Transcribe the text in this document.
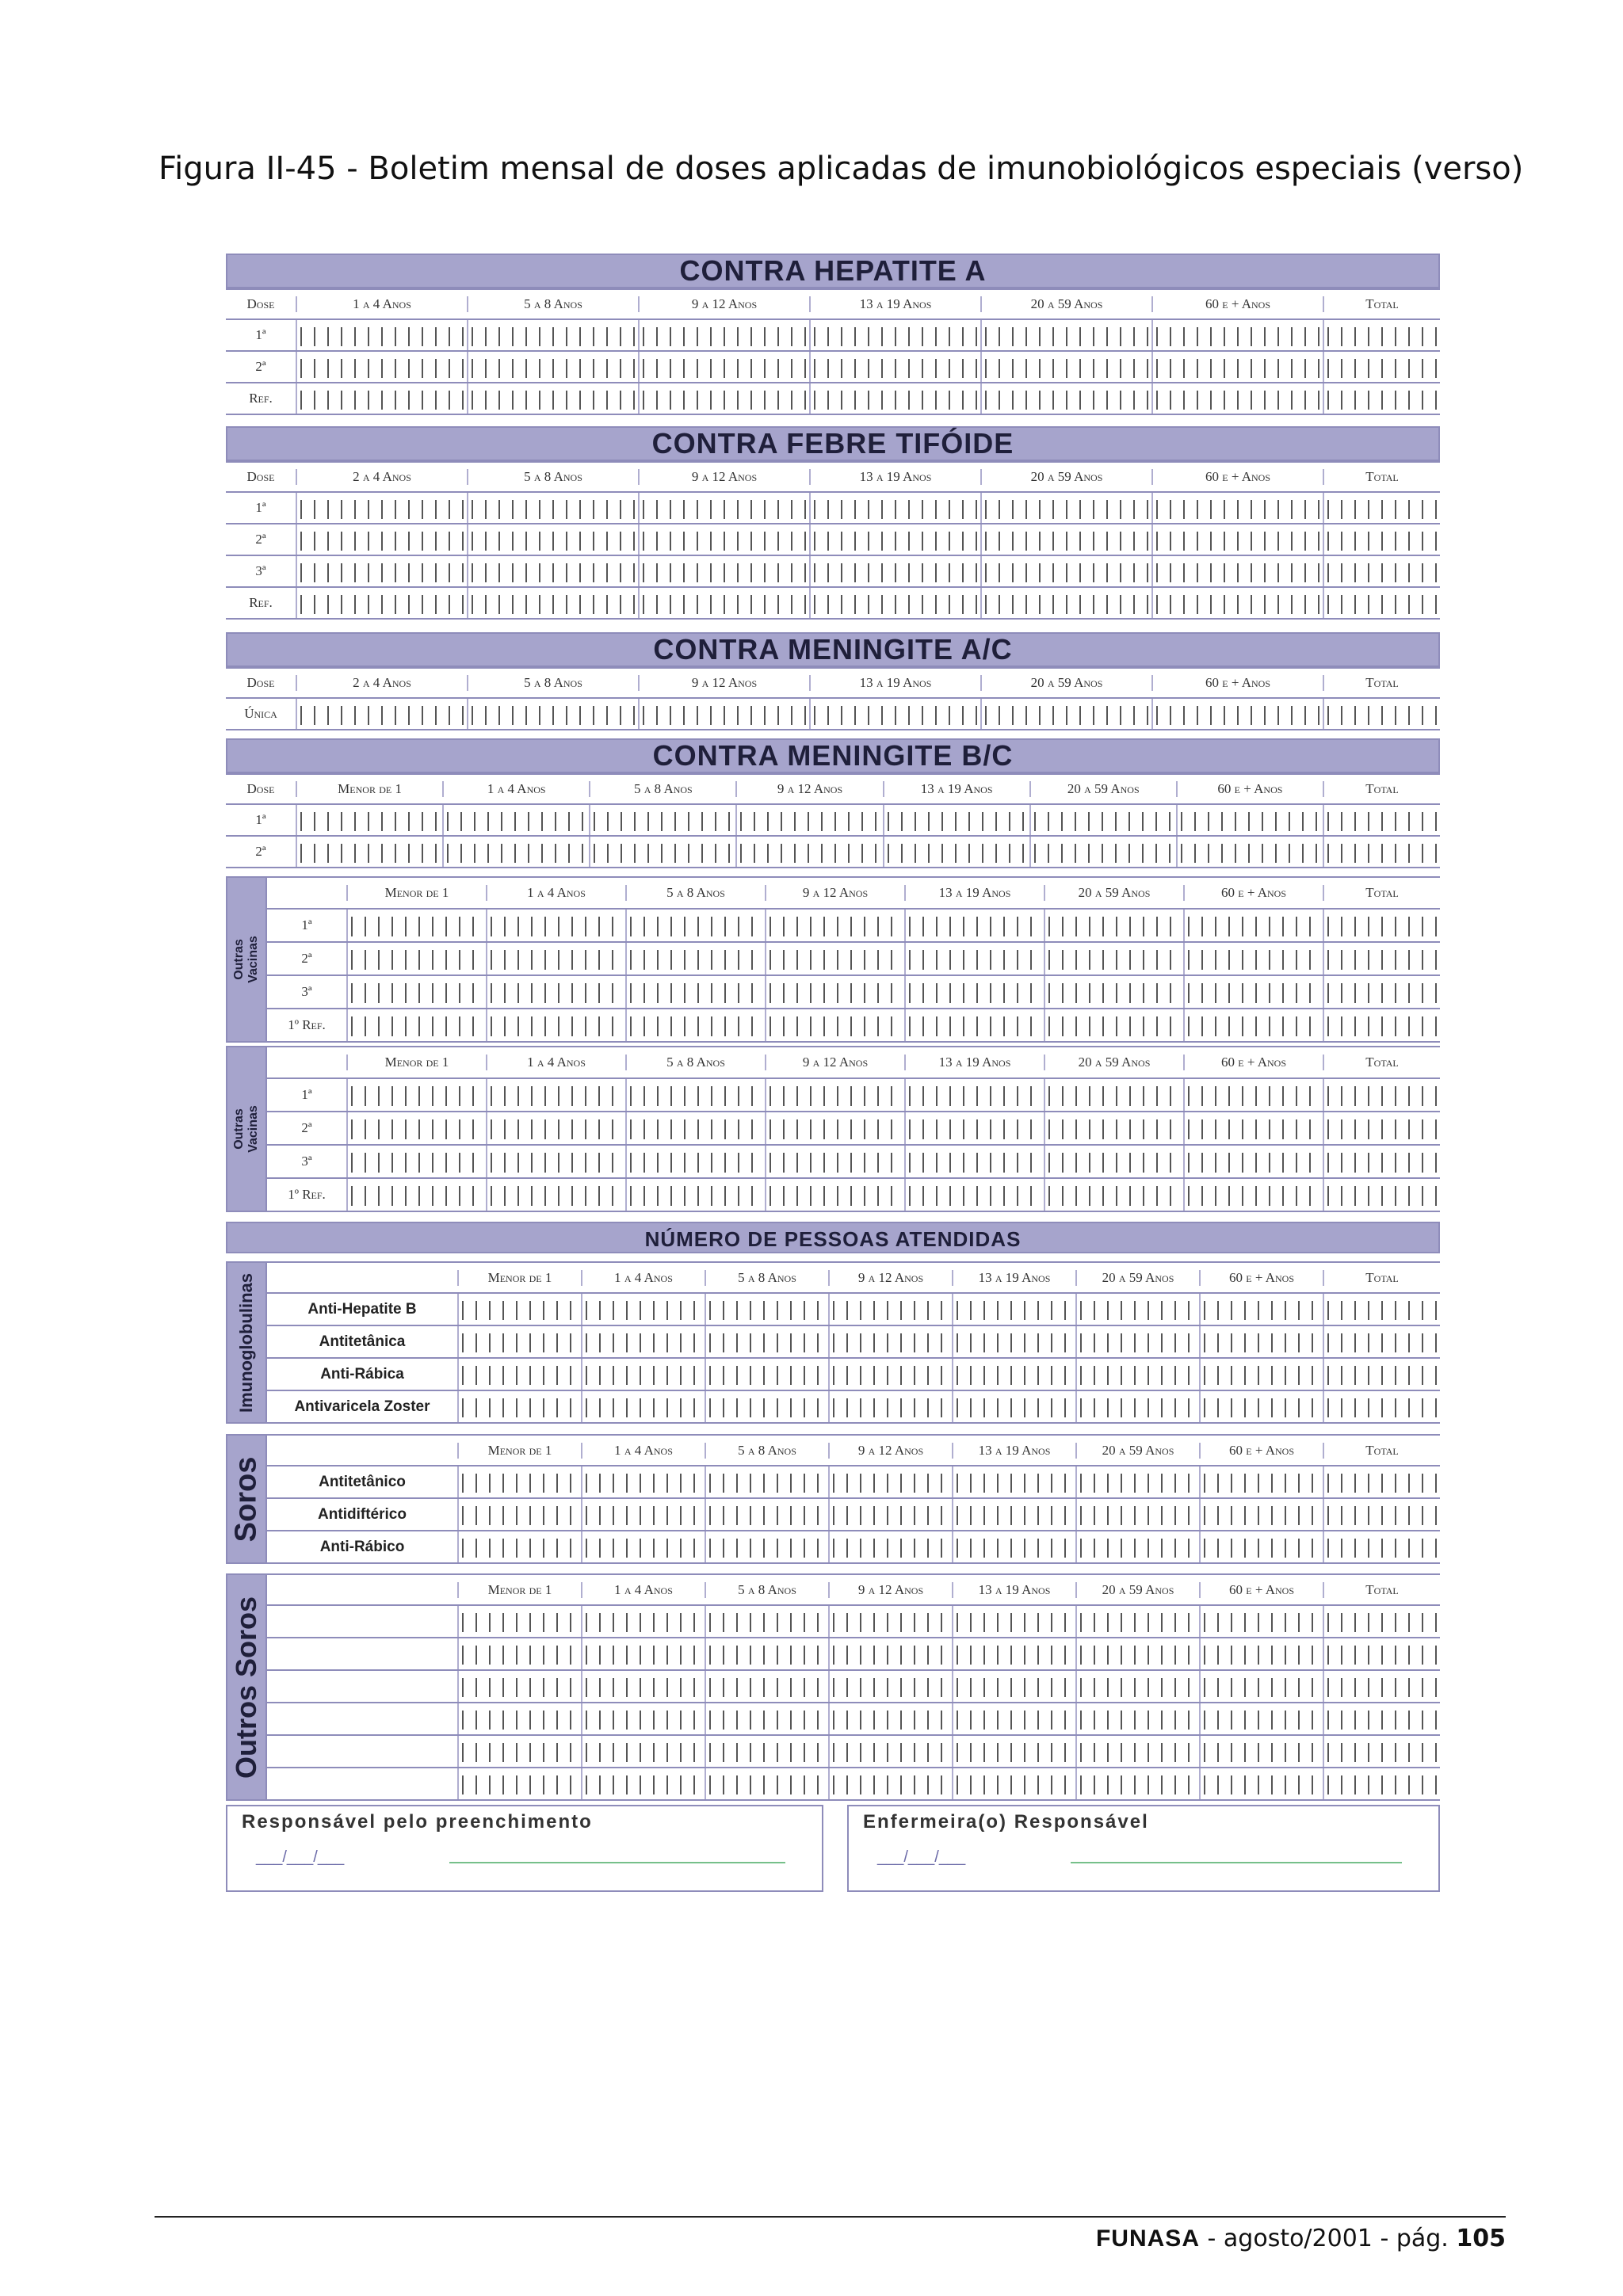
Figura II-45 - Boletim mensal de doses aplicadas de imunobiológicos especiais (verso)
CONTRA HEPATITE A
Dose	1 a 4 Anos	5 a 8 Anos	9 a 12 Anos	13 a 19 Anos	20 a 59 Anos	60 e + Anos	Total
1ª
2ª
Ref.
CONTRA FEBRE TIFÓIDE
Dose	2 a 4 Anos	5 a 8 Anos	9 a 12 Anos	13 a 19 Anos	20 a 59 Anos	60 e + Anos	Total
1ª
2ª
3ª
Ref.
CONTRA MENINGITE A/C
Dose	2 a 4 Anos	5 a 8 Anos	9 a 12 Anos	13 a 19 Anos	20 a 59 Anos	60 e + Anos	Total
Única
CONTRA MENINGITE B/C
Dose	Menor de 1	1 a 4 Anos	5 a 8 Anos	9 a 12 Anos	13 a 19 Anos	20 a 59 Anos	60 e + Anos	Total
1ª
2ª
Outras Vacinas
Menor de 1	1 a 4 Anos	5 a 8 Anos	9 a 12 Anos	13 a 19 Anos	20 a 59 Anos	60 e + Anos	Total
1ª
2ª
3ª
1º Ref.
Outras Vacinas
Menor de 1	1 a 4 Anos	5 a 8 Anos	9 a 12 Anos	13 a 19 Anos	20 a 59 Anos	60 e + Anos	Total
1ª
2ª
3ª
1º Ref.
NÚMERO DE PESSOAS ATENDIDAS
Imunoglobulinas	Menor de 1	1 a 4 Anos	5 a 8 Anos	9 a 12 Anos	13 a 19 Anos	20 a 59 Anos	60 e + Anos	Total
Anti-Hepatite B
Antitetânica
Anti-Rábica
Antivaricela Zoster
Soros
Menor de 1	1 a 4 Anos	5 a 8 Anos	9 a 12 Anos	13 a 19 Anos	20 a 59 Anos	60 e + Anos	Total
Antitetânico
Antidiftérico
Anti-Rábico
Outros Soros
Menor de 1	1 a 4 Anos	5 a 8 Anos	9 a 12 Anos	13 a 19 Anos	20 a 59 Anos	60 e + Anos	Total
Responsável pelo preenchimento
___/___/___
Enfermeira(o) Responsável
___/___/___
FUNASA - agosto/2001 - pág. 105
